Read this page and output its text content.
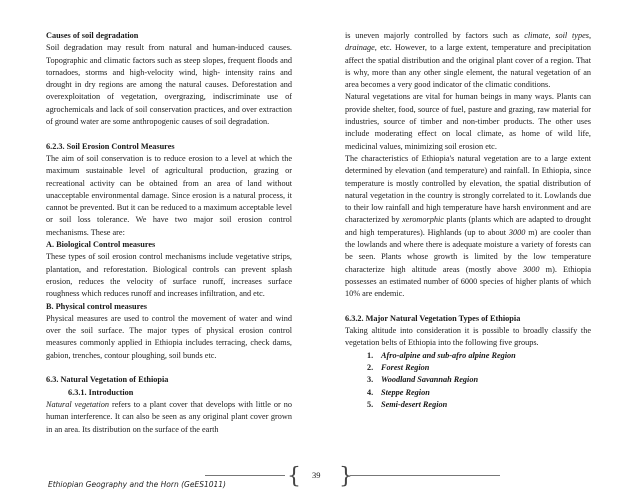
Causes of soil degradation

Soil degradation may result from natural and human-induced causes. Topographic and climatic factors such as steep slopes, frequent floods and tornadoes, storms and high-velocity wind, high- intensity rains and drought in dry regions are among the natural causes. Deforestation and overexploitation of vegetation, overgrazing, indiscriminate use of agrochemicals and lack of soil conservation practices, and over extraction of ground water are some anthropogenic causes of soil degradation.

6.2.3. Soil Erosion Control Measures

The aim of soil conservation is to reduce erosion to a level at which the maximum sustainable level of agricultural production, grazing or recreational activity can be obtained from an area of land without unacceptable environmental damage. Since erosion is a natural process, it cannot be prevented. But it can be reduced to a maximum acceptable level or soil loss tolerance. We have two major soil erosion control mechanisms. These are:

A. Biological Control measures

These types of soil erosion control mechanisms include vegetative strips, plantation, and reforestation. Biological controls can prevent splash erosion, reduces the velocity of surface runoff, increases surface roughness which reduces runoff and increases infiltration, and etc.

B. Physical control measures

Physical measures are used to control the movement of water and wind over the soil surface. The major types of physical erosion control measures commonly applied in Ethiopia includes terracing, check dams, gabion, trenches, contour ploughing, soil bunds etc.

6.3. Natural Vegetation of Ethiopia

6.3.1. Introduction

Natural vegetation refers to a plant cover that develops with little or no human interference. It can also be seen as any original plant cover grown in an area. Its distribution on the surface of the earth

is uneven majorly controlled by factors such as climate, soil types, drainage, etc. However, to a large extent, temperature and precipitation affect the spatial distribution and the original plant cover of a region. That is why, more than any other single element, the natural vegetation of an area becomes a very good indicator of the climatic conditions.

Natural vegetations are vital for human beings in many ways. Plants can provide shelter, food, source of fuel, pasture and grazing, raw material for industries, source of timber and non-timber products. The other uses include moderating effect on local climate, as home of wild life, medicinal values, minimizing soil erosion etc.

The characteristics of Ethiopia's natural vegetation are to a large extent determined by elevation (and temperature) and rainfall. In Ethiopia, since temperature is mostly controlled by elevation, the spatial distribution of natural vegetation in the country is strongly correlated to it. Lowlands due to their low rainfall and high temperature have harsh environment and are characterized by xeromorphic plants (plants which are adapted to drought and high temperatures). Highlands (up to about 3000 m) are cooler than the lowlands and where there is adequate moisture a variety of forests can be seen. Plants whose growth is limited by the low temperature characterize high altitude areas (mostly above 3000 m). Ethiopia possesses an estimated number of 6000 species of higher plants of which 10% are endemic.

6.3.2. Major Natural Vegetation Types of Ethiopia

Taking altitude into consideration it is possible to broadly classify the vegetation belts of Ethiopia into the following five groups.

1. Afro-alpine and sub-afro alpine Region
2. Forest Region
3. Woodland Savannah Region
4. Steppe Region
5. Semi-desert Region
Ethiopian Geography and the Horn (GeES1011)	{ 39 }
